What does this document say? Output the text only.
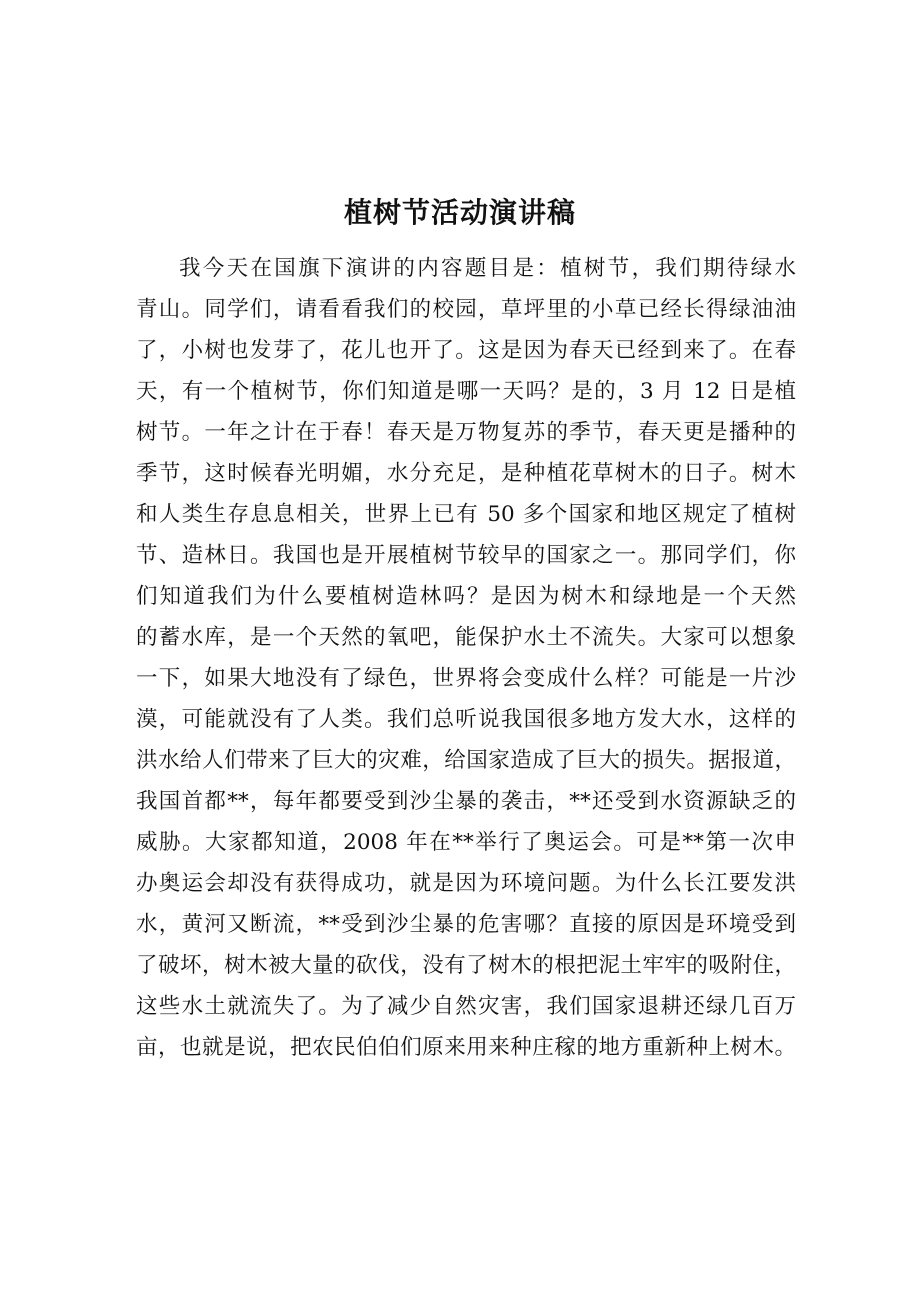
植树节活动演讲稿
我今天在国旗下演讲的内容题目是：植树节，我们期待绿水
青山。同学们，请看看我们的校园，草坪里的小草已经长得绿油油
了，小树也发芽了，花儿也开了。这是因为春天已经到来了。在春
天，有一个植树节，你们知道是哪一天吗？是的，3 月 12 日是植
树节。一年之计在于春！春天是万物复苏的季节，春天更是播种的
季节，这时候春光明媚，水分充足，是种植花草树木的日子。树木
和人类生存息息相关，世界上已有 50 多个国家和地区规定了植树
节、造林日。我国也是开展植树节较早的国家之一。那同学们，你
们知道我们为什么要植树造林吗？是因为树木和绿地是一个天然
的蓄水库，是一个天然的氧吧，能保护水土不流失。大家可以想象
一下，如果大地没有了绿色，世界将会变成什么样？可能是一片沙
漠，可能就没有了人类。我们总听说我国很多地方发大水，这样的
洪水给人们带来了巨大的灾难，给国家造成了巨大的损失。据报道，
我国首都**，每年都要受到沙尘暴的袭击，**还受到水资源缺乏的
威胁。大家都知道，2008 年在**举行了奥运会。可是**第一次申
办奥运会却没有获得成功，就是因为环境问题。为什么长江要发洪
水，黄河又断流，**受到沙尘暴的危害哪？直接的原因是环境受到
了破坏，树木被大量的砍伐，没有了树木的根把泥土牢牢的吸附住，
这些水土就流失了。为了减少自然灾害，我们国家退耕还绿几百万
亩，也就是说，把农民伯伯们原来用来种庄稼的地方重新种上树木。
